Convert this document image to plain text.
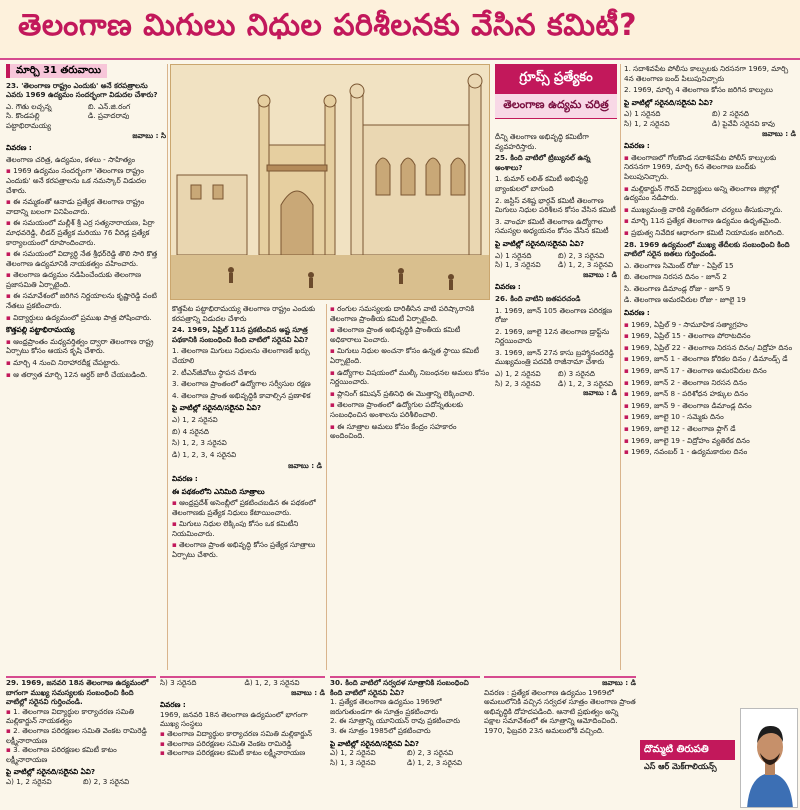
తెలంగాణ మిగులు నిధుల పరిశీలనకు వేసిన కమిటీ?
మార్చి 31 తరువాయి

23. 'తెలంగాణ రాష్ట్రం ఎందుకు' అనే కరపత్రాలను ఎవరు 1969 ఉద్యమం సందర్భంగా విడుదల చేశారు?

ఎ. గౌతు లచ్చన్న	బి. ఎన్.జి.రంగ
సి. కొండపల్లి పట్టాభిరామయ్య
డి. ప్రవాదరావు

జవాబు : సి

వివరణ :

తెలంగాణ చరిత్ర, ఉద్యమం, కళలు - సాహిత్యం

▪ 1969 ఉద్యమం సందర్భంగా 'తెలంగాణ రాష్ట్రం ఎందుకు' అనే కరపత్రాలను ఒక నమస్కార్ విడుదల చేశారు.

▪ ఈ నమ్మకంతో ఆనాడు ప్రత్యేక తెలంగాణ రాష్ట్రం వాదాన్ని బలంగా వినిపించారు.

▪ ఈ సమయంలో మల్లీశ్ శ్రీ ఎర్ర సత్యనారాయణ, పిర్రా మాధవరెడ్డి, లీడర్ ప్రత్యేక మరియు 76 వీరెడ్ల ప్రత్యేక కార్యాలయంలో రూపొందించారు.

▪ ఈ సమయంలో విద్యార్థి నేత శ్రీధర్‌రెడ్డి తొలి సారి కొత్త తెలంగాణ ఉద్యమానికి నాయకత్వం వహించారు.

▪ తెలంగాణ ఉద్యమం నడిపించేందుకు తెలంగాణ ప్రజాసమితి ఏర్పాటైంది.

▪ ఈ సమావేశంలో జరిగిన నిర్ణయాలను కృష్ణారెడ్డి వంటి నేతలు ప్రకటించారు.

▪ విద్యార్థులు ఉద్యమంలో ప్రముఖ పాత్ర పోషించారు.

కొత్తపల్లి పట్టాభిరామయ్య

▪ ఆంధ్రప్రాంతం మధ్యవర్తిత్వం ద్వారా తెలంగాణ రాష్ట్ర ఏర్పాటు కోసం ఆయన కృషి చేశారు.

▪ మార్చి 4 నుంచి నిరాహారదీక్ష చేపట్టారు.

▪ ఆ తర్వాత మార్చి 12న ఆర్డర్ జారీ చేయబడింది.

కొత్తపేట పట్టాభిరామయ్య తెలంగాణ రాష్ట్రం ఎందుకు కరపత్రాన్ని విడుదల చేశారు

24. 1969, ఏప్రిల్ 11న ప్రకటించిన అష్ట సూత్ర పథకానికి సంబంధించి కింది వాటిలో సరైనవి ఏవి?

1. తెలంగాణ మిగులు నిధులను తెలంగాణకే ఖర్చు చేయాలి

2. టీఎన్‌జీవోలు స్థాపన చేశారు

3. తెలంగాణ ప్రాంతంలో ఉద్యోగాల సర్వీసుల రక్షణ

4. తెలంగాణ ప్రాంత అభివృద్ధికి కావాల్సిన ప్రణాళిక

పై వాటిల్లో సరైనది/సరిైనవి ఏవి?

ఎ) 1, 2 సరైనవి

బి) 4 సరైనది

సి) 1, 2, 3 సరైనవి

డి) 1, 2, 3, 4 సరైనవి

జవాబు : డి

వివరణ :

ఈ పథకంలోని ఎనిమిది సూత్రాలు

▪ ఆంధ్రప్రదేశ్ అసెంబ్లీలో ప్రకటించబడిన ఈ పథకంలో తెలంగాణకు ప్రత్యేక నిధులు కేటాయించారు.

▪ మిగులు నిధుల లెక్కింపు కోసం ఒక కమిటీని నియమించారు.

▪ తెలంగాణ ప్రాంత అభివృద్ధి కోసం ప్రత్యేక సూత్రాలు ఏర్పాటు చేశారు.

▪ రంగుల సమస్యలకు దారితీసిన వాటి పరిష్కారానికి తెలంగాణ ప్రాంతీయ కమిటీ ఏర్పాటైంది.

▪ తెలంగాణ ప్రాంత అభివృద్ధికి ప్రాంతీయ కమిటీ అధికారాలు పెంచారు.

▪ మిగులు నిధుల అంచనా కోసం ఉన్నత స్థాయి కమిటీ ఏర్పాటైంది.

▪ ఉద్యోగాల విషయంలో ముల్కీ నిబంధనల అమలు కోసం నిర్ణయించారు.

▪ ప్లానింగ్ కమిషన్ ప్రతినిధి ఈ మొత్తాన్ని లెక్కించాలి.

▪ తెలంగాణ ప్రాంతంలో ఉద్యోగుల పదోన్నతులకు సంబంధించిన అంశాలను పరిశీలించాలి.

▪ ఈ సూత్రాల అమలు కోసం కేంద్రం సహకారం అందించింది.

గ్రూప్స్ ప్రత్యేకం
తెలంగాణ ఉద్యమ చరిత్ర

దీన్ని తెలంగాణ అభివృద్ధి కమిటీగా వ్యవహరిస్తారు.

25. కింది వాటిలో ట్రిబ్యునల్ ఉన్న అంశాలు?

1. కుమార్ లలిత్ కమిటీ అభివృద్ధి బ్యాంకులలో బాగుంది

2. జస్టిస్ వశిష్ట భార్గవ్ కమిటీ తెలంగాణ మిగులు నిధుల పరిశీలన కోసం వేసిన కమిటీ

3. వాంఛూ కమిటీ తెలంగాణ ఉద్యోగాల సమస్యల అధ్యయనం కోసం వేసిన కమిటీ

పై వాటిల్లో సరైనది/సరిైనవి ఏవి?

ఎ) 1 సరైనది	బి) 2, 3 సరైనవి
సి) 1, 3 సరైనవి	డి) 1, 2, 3 సరైనవి

జవాబు : డి

వివరణ :

26. కింది వాటిని జతపరచండి

1. 1969, జూన్ 105 తెలంగాణ పరిరక్షణ రోజు

2. 1969, జూలై 12న తెలంగాణ డ్రాఫ్ట్‌ను నిర్ణయించారు

3. 1969, జూన్ 27న కాసు బ్రహ్మానందరెడ్డి ముఖ్యమంత్రి పదవికి రాజీనామా చేశారు

ఎ) 1, 2 సరైనవి	బి) 3 సరైనది
సి) 2, 3 సరైనవి	డి) 1, 2, 3 సరైనవి

జవాబు : డి

1. సదాశివపేట పోలీసు కాల్పులకు నిరసనగా 1969, మార్చి 4న తెలంగాణ బంద్ పిలుపునిచ్చారు

2. 1969, మార్చి 4 తెలంగాణ కోసం జరిగిన కాల్పులు

పై వాటిల్లో సరైనది/సరిైనవి ఏవి?

ఎ) 1 సరైనది	బి) 2 సరైనది
సి) 1, 2 సరైనవి	డి) పైవేవీ సరైనవి కావు

జవాబు : డి

వివరణ :

▪ తెలంగాణలో గోలకొండ సదాశివపేట పోలీస్ కాల్పులకు నిరసనగా 1969, మార్చి 6న తెలంగాణ బంద్‌కు పిలుపునిచ్చారు.

▪ మల్లికార్జున్ గౌరవ్ విద్యార్థులు అన్ని తెలంగాణ జిల్లాల్లో ఉద్యమం నడిపారు.

▪ ముఖ్యమంత్రి వారికి వ్యతిరేకంగా చర్యలు తీసుకున్నారు.

▪ మార్చి 11న ప్రత్యేక తెలంగాణ ఉద్యమం ఉధృతమైంది.

▪ ప్రభుత్వ నివేదిక ఆధారంగా కమిటీ నియామకం జరిగింది.

28. 1969 ఉద్యమంలో ముఖ్య తేదీలకు సంబంధించి కింది వాటిలో సరైన జతలు గుర్తించండి.

ఎ. తెలంగాణ సిమెంట్ రోజు - ఏప్రిల్ 15

బి. తెలంగాణ నిరసన దినం - జూన్ 2

సి. తెలంగాణ డిమాండ్ల రోజు - జూన్ 9

డి. తెలంగాణ అమరవీరుల రోజు - జూలై 19

వివరణ :

▪ 1969, ఏప్రిల్ 9 - సామూహిక సత్యాగ్రహం

▪ 1969, ఏప్రిల్ 15 - తెలంగాణ పోరాటదినం

▪ 1969, ఏప్రిల్ 22 - తెలంగాణ నిరసన దినం/ విద్రోహ దినం

▪ 1969, జూన్ 1 - తెలంగాణ కోరికల దినం / డిమాండ్స్ డే

▪ 1969, జూన్ 17 - తెలంగాణ అమరవీరుల దినం

▪ 1969, జూన్ 2 - తెలంగాణ నిరసన దినం

▪ 1969, జూన్ 8 - పరిశోధన హక్కుల దినం

▪ 1969, జూన్ 9 - తెలంగాణ డిమాండ్ల దినం

▪ 1969, జూలై 10 - సమ్మెకు దినం

▪ 1969, జూలై 12 - తెలంగాణ ఫ్లాగ్ డే

▪ 1969, జూలై 19 - విద్రోహం వ్యతిరేక దినం

▪ 1969, నవంబర్ 1 - ఉద్యమకారుల దినం

29. 1969, జనవరి 18న తెలంగాణ ఉద్యమంలో బాగంగా ముఖ్య సమస్యలకు సంబంధించి కింది వాటిల్లో సరైనవి గుర్తించండి.

▪ 1. తెలంగాణ విద్యార్థుల కార్యాచరణ సమితి మల్లికార్జున్ నాయకత్వం

▪ 2. తెలంగాణ పరిరక్షణల సమితి వెంకట రామిరెడ్డి లక్ష్మీనారాయణ

▪ 3. తెలంగాణ పరిరక్షణల కమిటీ కాటం లక్ష్మీనారాయణ

పై వాటిల్లో సరైనది/సరిైనవి ఏవి?

ఎ) 1, 2 సరైనవి	బి) 2, 3 సరైనవి
సి) 3 సరైనది	డి) 1, 2, 3 సరైనవి

జవాబు : డి

వివరణ :

1969, జనవరి 18న తెలంగాణ ఉద్యమంలో భాగంగా ముఖ్య సంస్థలు

▪ తెలంగాణ విద్యార్థుల కార్యాచరణ సమితి మల్లికార్జున్

▪ తెలంగాణ పరిరక్షణల సమితి వెంకట రామిరెడ్డి

▪ తెలంగాణ పరిరక్షణల కమిటీ కాటం లక్ష్మీనారాయణ

30. కింది వాటిలో సర్వదళ సూత్రానికి సంబంధించి కింది వాటిలో సరైనవి ఏవి?

1. ప్రత్యేక తెలంగాణ ఉద్యమం 1969లో జరుగుతుండగా ఈ సూత్రం ప్రకటించారు

2. ఈ సూత్రాన్ని యూనియన్ రావు ప్రకటించారు

3. ఈ సూత్రం 1985లో ప్రకటించారు

పై వాటిల్లో సరైనది/సరిైనవి ఏవి?

ఎ) 1, 2 సరైనవి	బి) 2, 3 సరైనవి
సి) 1, 3 సరైనవి	డి) 1, 2, 3 సరైనవి

జవాబు : డి

వివరణ : ప్రత్యేక తెలంగాణ ఉద్యమం 1969లో అమలులోనికి వచ్చిన సర్వదళ సూత్రం తెలంగాణ ప్రాంత అభివృద్ధికి దోహదపడింది. ఆనాటి ప్రభుత్వం అన్ని పక్షాల సమావేశంలో ఈ సూత్రాన్ని ఆమోదించింది. 1970, ఫిబ్రవరి 23న అమలులోకి వచ్చింది.

దొమ్మటి తిరుపతి
ఎస్ ఆర్ మెక్‌గాలియన్స్
